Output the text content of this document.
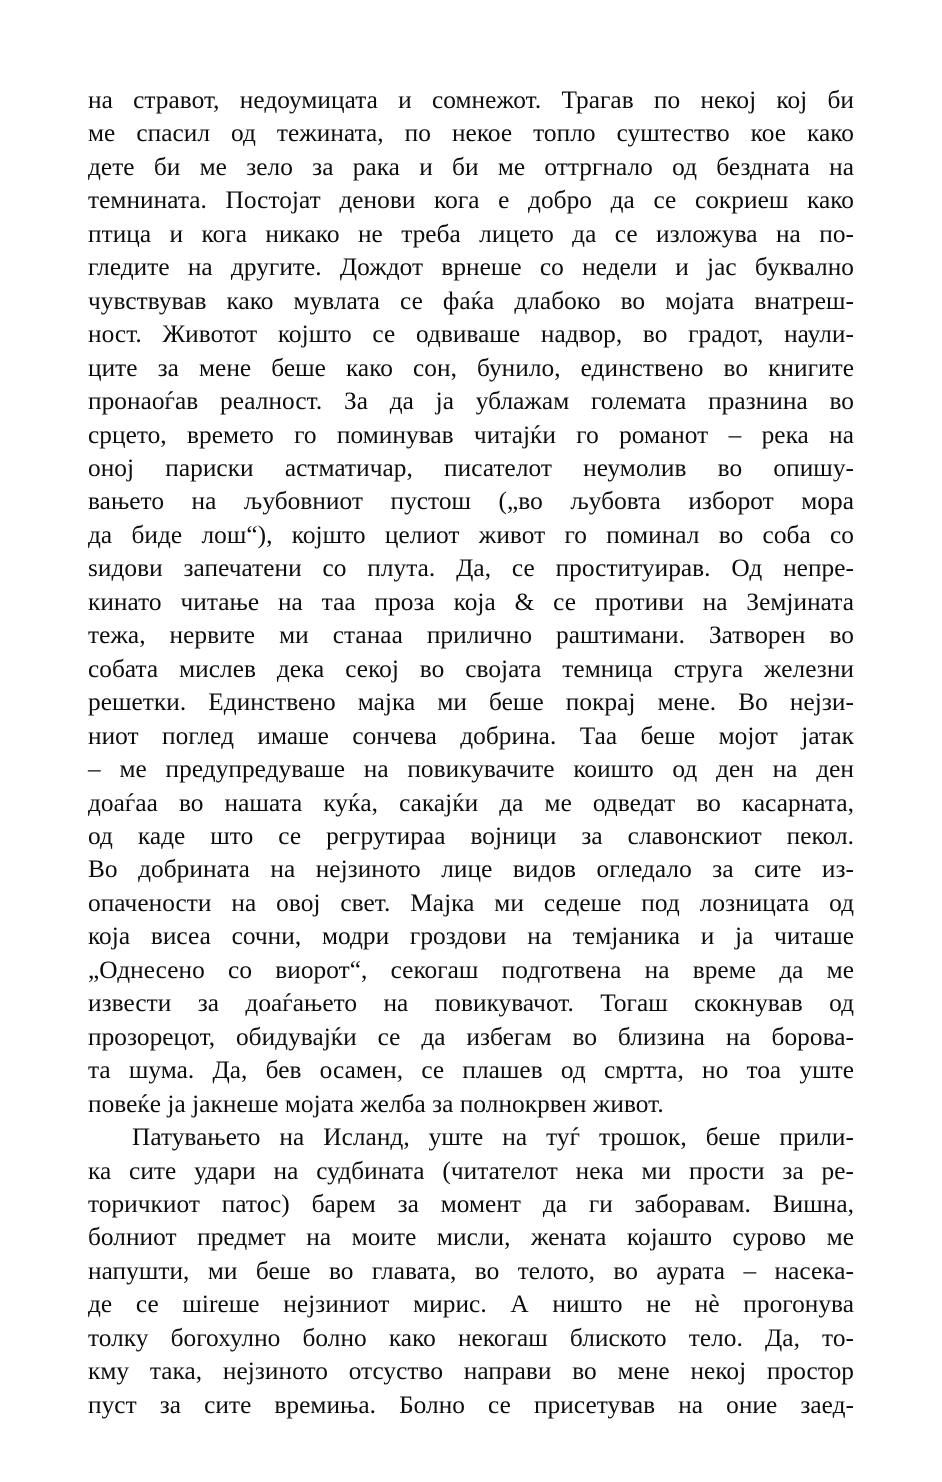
на стравот, недоумицата и сомнежот. Трагав по некој кој би
ме спасил од тежината, по некое топло суштество кое како
дете би ме зело за рака и би ме оттргнало од бездната на
темнината. Постојат денови кога е добро да се сокриеш како
птица и кога никако не треба лицето да се изложува на по-
гледите на другите. Дождот врнеше со недели и јас буквално
чувствував како мувлата се фаќа длабоко во мојата внатреш-
ност. Животот којшто се одвиваше надвор, во градот, наули-
ците за мене беше како сон, бунило, единствено во книгите
пронаоѓав реалност. За да ја ублажам големата празнина во
срцето, времето го поминував читајќи го романот – река на
оној париски астматичар, писателот неумолив во опишу-
вањето на љубовниот пустош („во љубовта изборот мора
да биде лош“), којшто целиот живот го поминал во соба со
ѕидови запечатени со плута. Да, се проституирав. Од непре-
кинато читање на таа проза која & се противи на Земјината
тежа, нервите ми станаа прилично раштимани. Затворен во
собата мислев дека секој во својата темница струга железни
решетки. Единствено мајка ми беше покрај мене. Во нејзи-
ниот поглед имаше сончева добрина. Таа беше мојот јатак
– ме предупредуваше на повикувачите коишто од ден на ден
доаѓаа во нашата куќа, сакајќи да ме одведат во касарната,
од каде што се регрутираа војници за славонскиот пекол.
Во добрината на нејзиното лице видов огледало за сите из-
опачености на овој свет. Мајка ми седеше под лозницата од
која висеа сочни, модри гроздови на темјаника и ја читаше
„Однесено со виорот“, секогаш подготвена на време да ме
извести за доаѓањето на повикувачот. Тогаш скокнував од
прозорецот, обидувајќи се да избегам во близина на борова-
та шума. Да, бев осамен, се плашев од смртта, но тоа уште
повеќе ја јакнеше мојата желба за полнокрвен живот.

Патувањето на Исланд, уште на туѓ трошок, беше прили-
ка сите удари на судбината (читателот нека ми прости за ре-
торичкиот патос) барем за момент да ги заборавам. Вишна,
болниот предмет на моите мисли, жената којашто сурово ме
напушти, ми беше во главата, во телото, во аурата – насека-
де се шireше нејзиниот мирис. А ништо не нѐ прогонува
толку богохулно болно како некогаш блиското тело. Да, то-
кму така, нејзиното отсуство направи во мене некој простор
пуст за сите времиња. Болно се присетував на оние заед-
